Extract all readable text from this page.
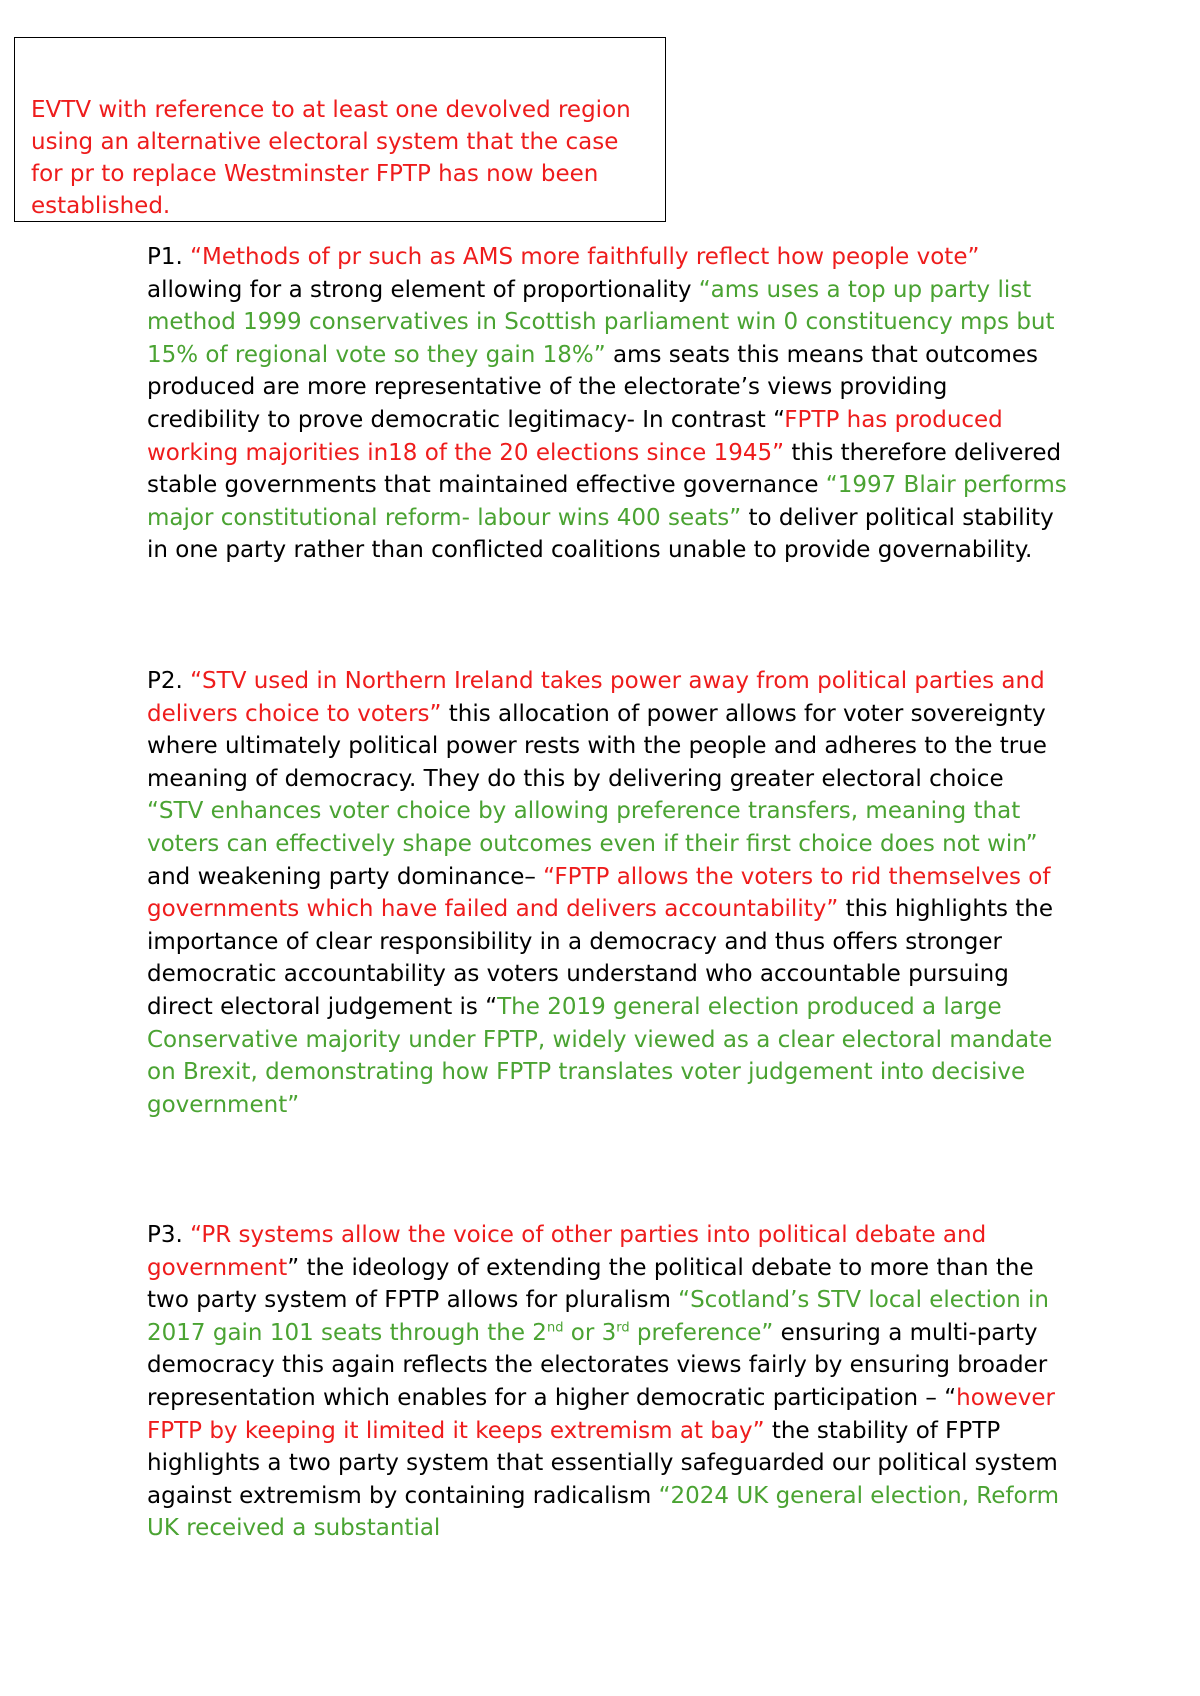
EVTV with reference to at least one devolved region using an alternative electoral system that the case for pr to replace Westminster FPTP has now been established.

P1. “Methods of pr such as AMS more faithfully reflect how people vote” allowing for a strong element of proportionality “ams uses a top up party list method 1999 conservatives in Scottish parliament win 0 constituency mps but 15% of regional vote so they gain 18%” ams seats this means that outcomes produced are more representative of the electorate’s views providing credibility to prove democratic legitimacy- In contrast “FPTP has produced working majorities in18 of the 20 elections since 1945” this therefore delivered stable governments that maintained effective governance “1997 Blair performs major constitutional reform- labour wins 400 seats” to deliver political stability in one party rather than conflicted coalitions unable to provide governability.

P2. “STV used in Northern Ireland takes power away from political parties and delivers choice to voters” this allocation of power allows for voter sovereignty where ultimately political power rests with the people and adheres to the true meaning of democracy. They do this by delivering greater electoral choice “STV enhances voter choice by allowing preference transfers, meaning that voters can effectively shape outcomes even if their first choice does not win” and weakening party dominance– “FPTP allows the voters to rid themselves of governments which have failed and delivers accountability” this highlights the importance of clear responsibility in a democracy and thus offers stronger democratic accountability as voters understand who accountable pursuing direct electoral judgement is “The 2019 general election produced a large Conservative majority under FPTP, widely viewed as a clear electoral mandate on Brexit, demonstrating how FPTP translates voter judgement into decisive government”

P3. “PR systems allow the voice of other parties into political debate and government” the ideology of extending the political debate to more than the two party system of FPTP allows for pluralism “Scotland’s STV local election in 2017 gain 101 seats through the 2nd or 3rd preference” ensuring a multi-party democracy this again reflects the electorates views fairly by ensuring broader representation which enables for a higher democratic participation – “however FPTP by keeping it limited it keeps extremism at bay” the stability of FPTP highlights a two party system that essentially safeguarded our political system against extremism by containing radicalism “2024 UK general election, Reform UK received a substantial
